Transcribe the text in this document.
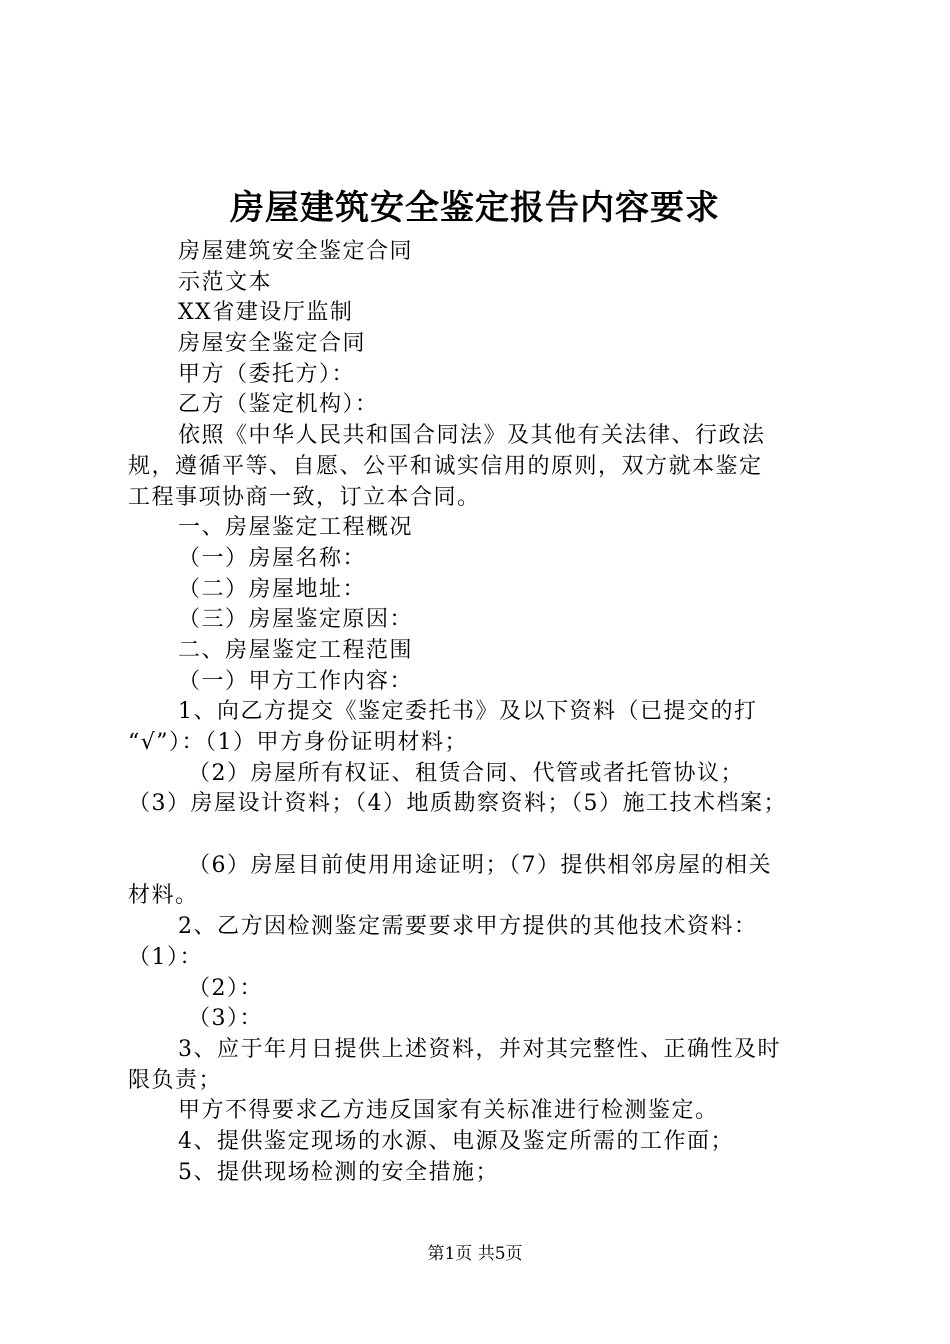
房屋建筑安全鉴定报告内容要求
房屋建筑安全鉴定合同
示范文本
XX省建设厅监制
房屋安全鉴定合同
甲方（委托方）：
乙方（鉴定机构）：
依照《中华人民共和国合同法》及其他有关法律、行政法
规，遵循平等、自愿、公平和诚实信用的原则，双方就本鉴定
工程事项协商一致，订立本合同。
一、房屋鉴定工程概况
（一）房屋名称：
（二）房屋地址：
（三）房屋鉴定原因：
二、房屋鉴定工程范围
（一）甲方工作内容：
1、向乙方提交《鉴定委托书》及以下资料（已提交的打
“√”）：（1）甲方身份证明材料；
（2）房屋所有权证、租赁合同、代管或者托管协议；
（3）房屋设计资料；（4）地质勘察资料；（5）施工技术档案；
（6）房屋目前使用用途证明；（7）提供相邻房屋的相关
材料。
2、乙方因检测鉴定需要要求甲方提供的其他技术资料：
（1）：
（2）：
（3）：
3、应于年月日提供上述资料，并对其完整性、正确性及时
限负责；
甲方不得要求乙方违反国家有关标准进行检测鉴定。
4、提供鉴定现场的水源、电源及鉴定所需的工作面；
5、提供现场检测的安全措施；
第1页 共5页
